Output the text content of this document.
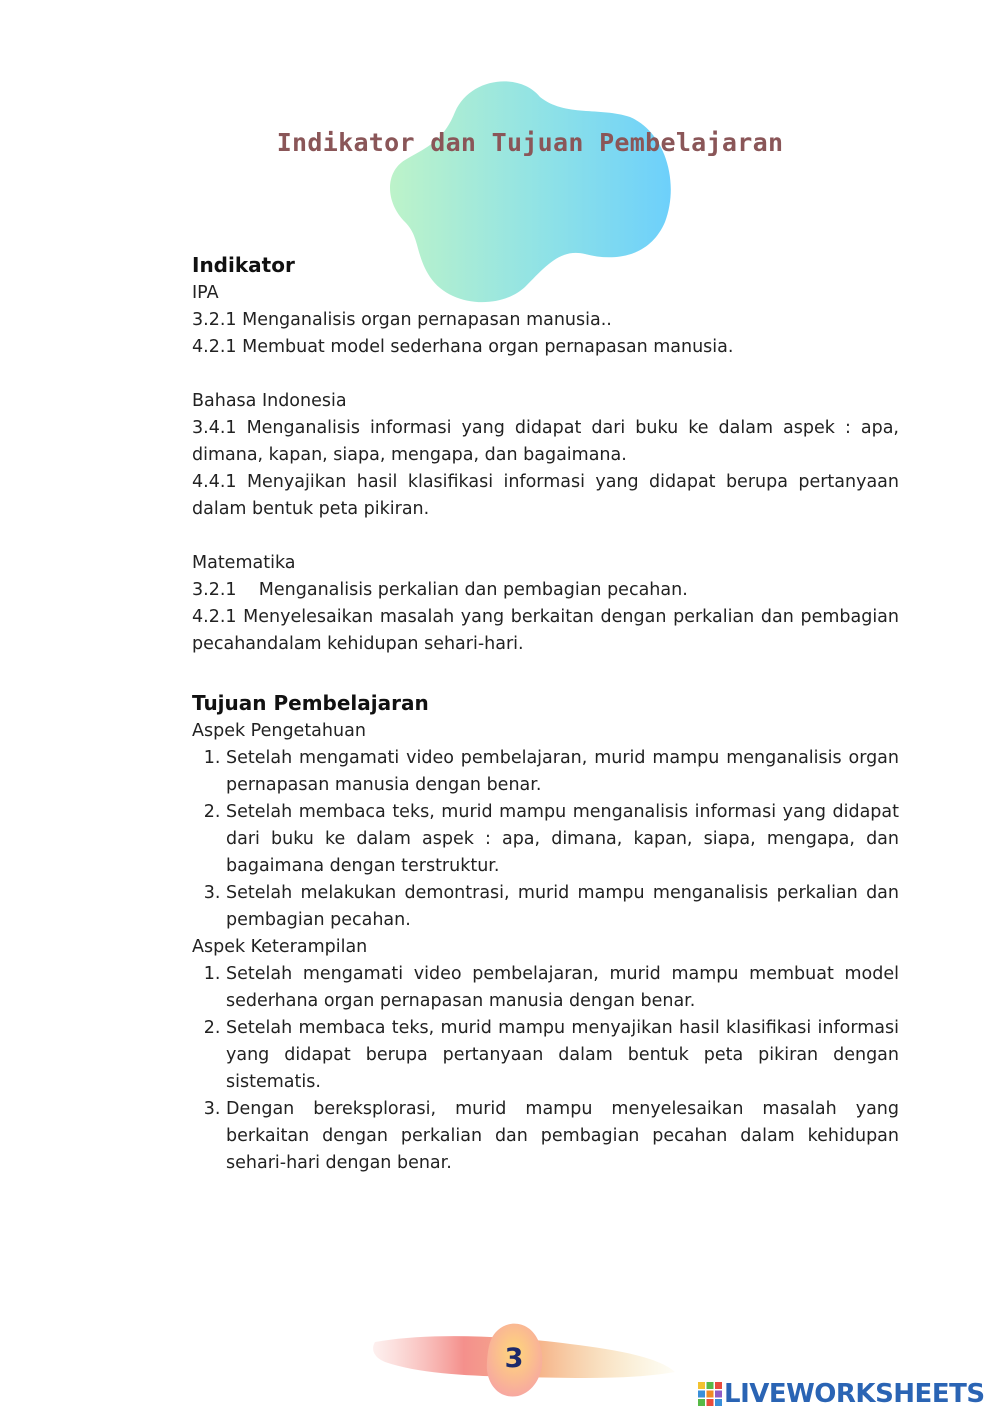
Indikator dan Tujuan Pembelajaran

Indikator

IPA

3.2.1 Menganalisis organ pernapasan manusia..

4.2.1 Membuat model sederhana organ pernapasan manusia.

Bahasa Indonesia

3.4.1 Menganalisis informasi yang didapat dari buku ke dalam aspek : apa, dimana, kapan, siapa, mengapa, dan bagaimana.

4.4.1 Menyajikan hasil klasifikasi informasi yang didapat berupa pertanyaan dalam bentuk peta pikiran.

Matematika

3.2.1    Menganalisis perkalian dan pembagian pecahan.

4.2.1 Menyelesaikan masalah yang berkaitan dengan perkalian dan pembagian pecahandalam kehidupan sehari-hari.

Tujuan Pembelajaran

Aspek Pengetahuan

1. Setelah mengamati video pembelajaran, murid mampu menganalisis organ pernapasan manusia dengan benar.
2. Setelah membaca teks, murid mampu menganalisis informasi yang didapat dari buku ke dalam aspek : apa, dimana, kapan, siapa, mengapa, dan bagaimana dengan terstruktur.
3. Setelah melakukan demontrasi, murid mampu menganalisis perkalian dan pembagian pecahan.

Aspek Keterampilan

1. Setelah mengamati video pembelajaran, murid mampu membuat model sederhana organ pernapasan manusia dengan benar.
2. Setelah membaca teks, murid mampu menyajikan hasil klasifikasi informasi yang didapat berupa pertanyaan dalam bentuk peta pikiran dengan sistematis.
3. Dengan bereksplorasi, murid mampu menyelesaikan masalah yang berkaitan dengan perkalian dan pembagian pecahan dalam kehidupan sehari-hari dengan benar.
3
LIVEWORKSHEETS
